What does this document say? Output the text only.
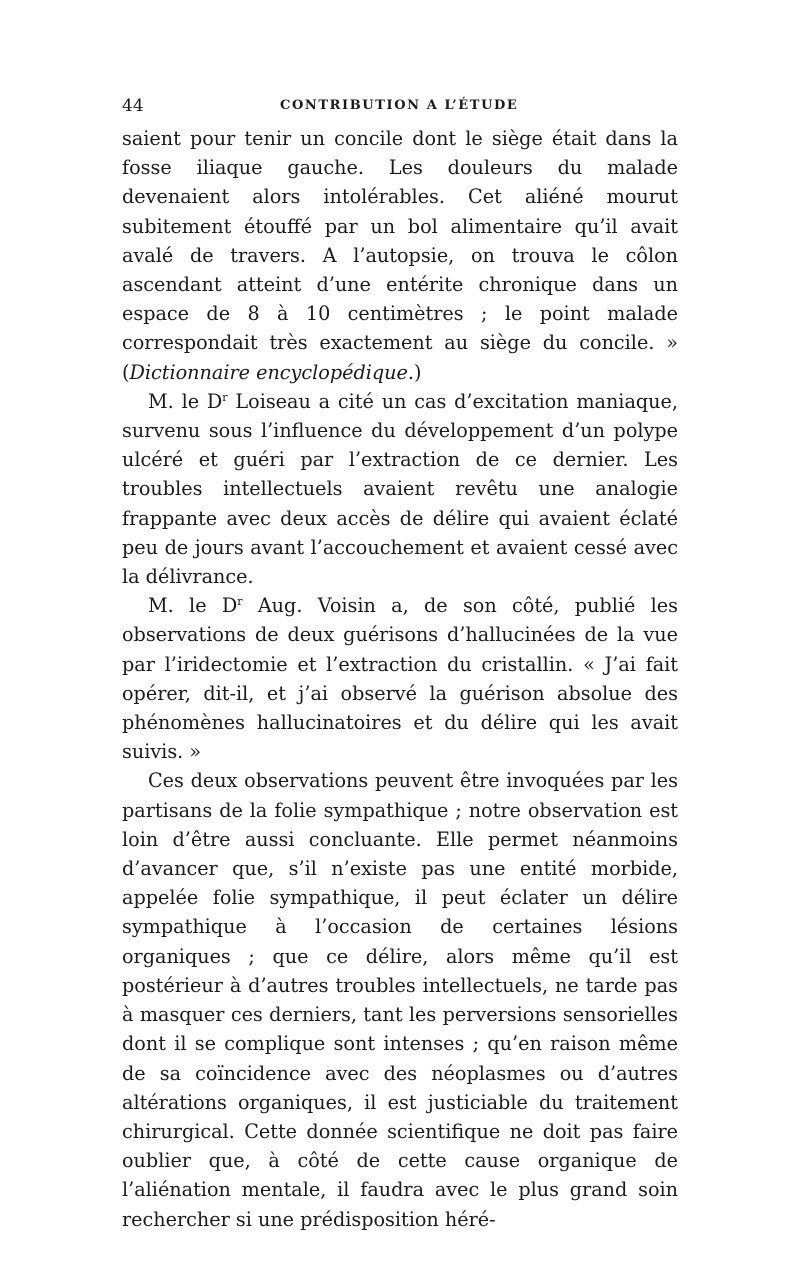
44	CONTRIBUTION A L’ÉTUDE

saient pour tenir un concile dont le siège était dans la fosse iliaque gauche. Les douleurs du malade devenaient alors intolérables. Cet aliéné mourut subitement étouffé par un bol alimentaire qu’il avait avalé de travers. A l’autopsie, on trouva le côlon ascendant atteint d’une entérite chronique dans un espace de 8 à 10 centimètres ; le point malade correspondait très exactement au siège du concile. » (Dictionnaire encyclopédique.)

M. le $D^r$ Loiseau a cité un cas d’excitation maniaque, survenu sous l’influence du développement d’un polype ulcéré et guéri par l’extraction de ce dernier. Les troubles intellectuels avaient revêtu une analogie frappante avec deux accès de délire qui avaient éclaté peu de jours avant l’accouchement et avaient cessé avec la délivrance.

M. le $D^r$ Aug. Voisin a, de son côté, publié les observations de deux guérisons d’hallucinées de la vue par l’iridectomie et l’extraction du cristallin. « J’ai fait opérer, dit-il, et j’ai observé la guérison absolue des phénomènes hallucinatoires et du délire qui les avait suivis. »

Ces deux observations peuvent être invoquées par les partisans de la folie sympathique ; notre observation est loin d’être aussi concluante. Elle permet néanmoins d’avancer que, s’il n’existe pas une entité morbide, appelée folie sympathique, il peut éclater un délire sympathique à l’occasion de certaines lésions organiques ; que ce délire, alors même qu’il est postérieur à d’autres troubles intellectuels, ne tarde pas à masquer ces derniers, tant les perversions sensorielles dont il se complique sont intenses ; qu’en raison même de sa coïncidence avec des néoplasmes ou d’autres altérations organiques, il est justiciable du traitement chirurgical. Cette donnée scientifique ne doit pas faire oublier que, à côté de cette cause organique de l’aliénation mentale, il faudra avec le plus grand soin rechercher si une prédisposition héré-
